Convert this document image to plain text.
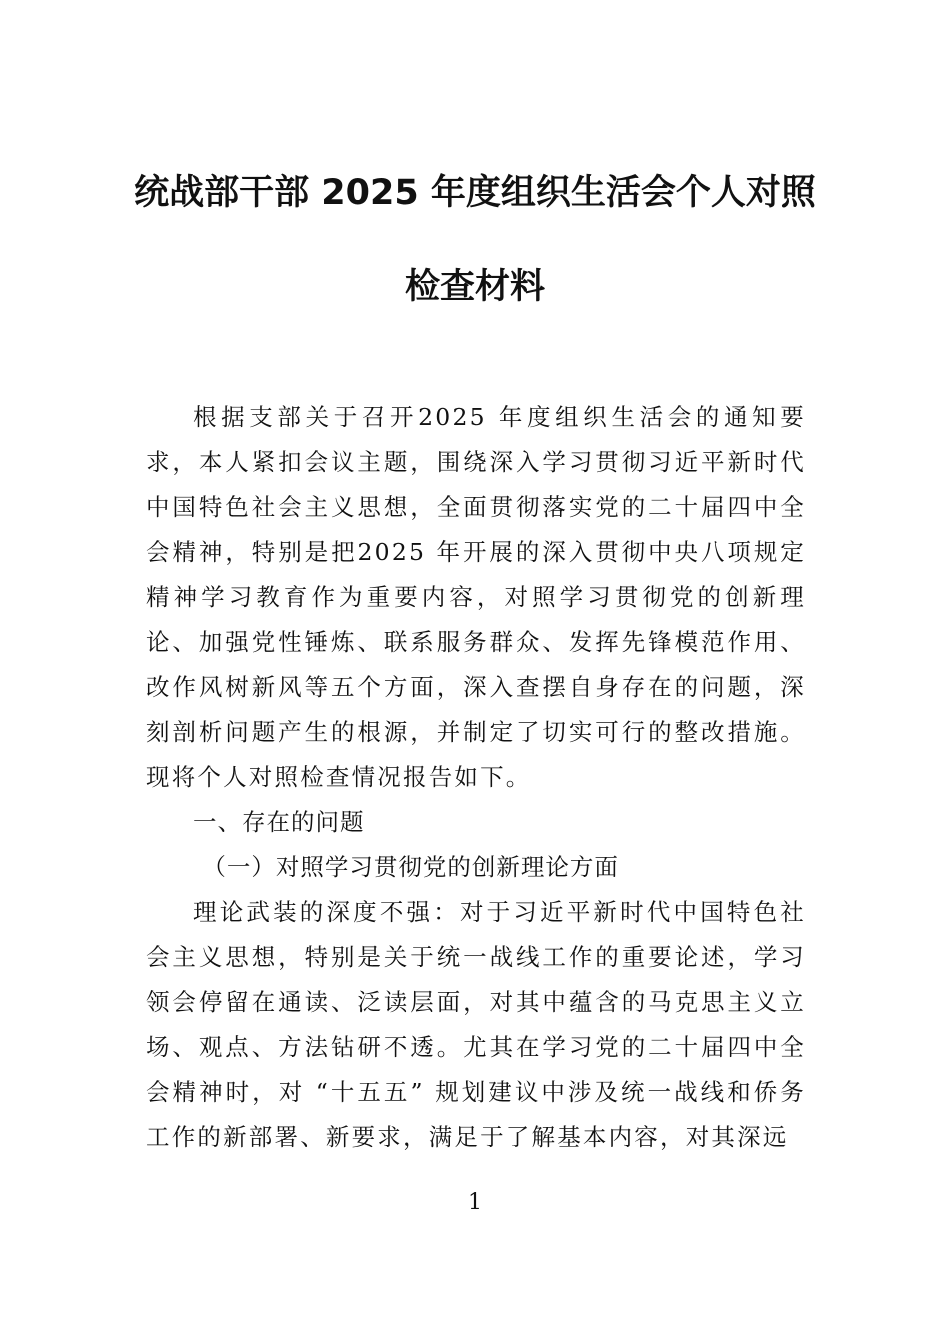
统战部干部 2025 年度组织生活会个人对照
检查材料

根据支部关于召开2025 年度组织生活会的通知要求，本人紧扣会议主题，围绕深入学习贯彻习近平新时代中国特色社会主义思想，全面贯彻落实党的二十届四中全会精神，特别是把2025 年开展的深入贯彻中央八项规定精神学习教育作为重要内容，对照学习贯彻党的创新理论、加强党性锤炼、联系服务群众、发挥先锋模范作用、改作风树新风等五个方面，深入查摆自身存在的问题，深刻剖析问题产生的根源，并制定了切实可行的整改措施。现将个人对照检查情况报告如下。

一、存在的问题

（一）对照学习贯彻党的创新理论方面

理论武装的深度不强：对于习近平新时代中国特色社会主义思想，特别是关于统一战线工作的重要论述，学习领会停留在通读、泛读层面，对其中蕴含的马克思主义立场、观点、方法钻研不透。尤其在学习党的二十届四中全会精神时，对 “十五五” 规划建议中涉及统一战线和侨务工作的新部署、新要求，满足于了解基本内容，对其深远

1
